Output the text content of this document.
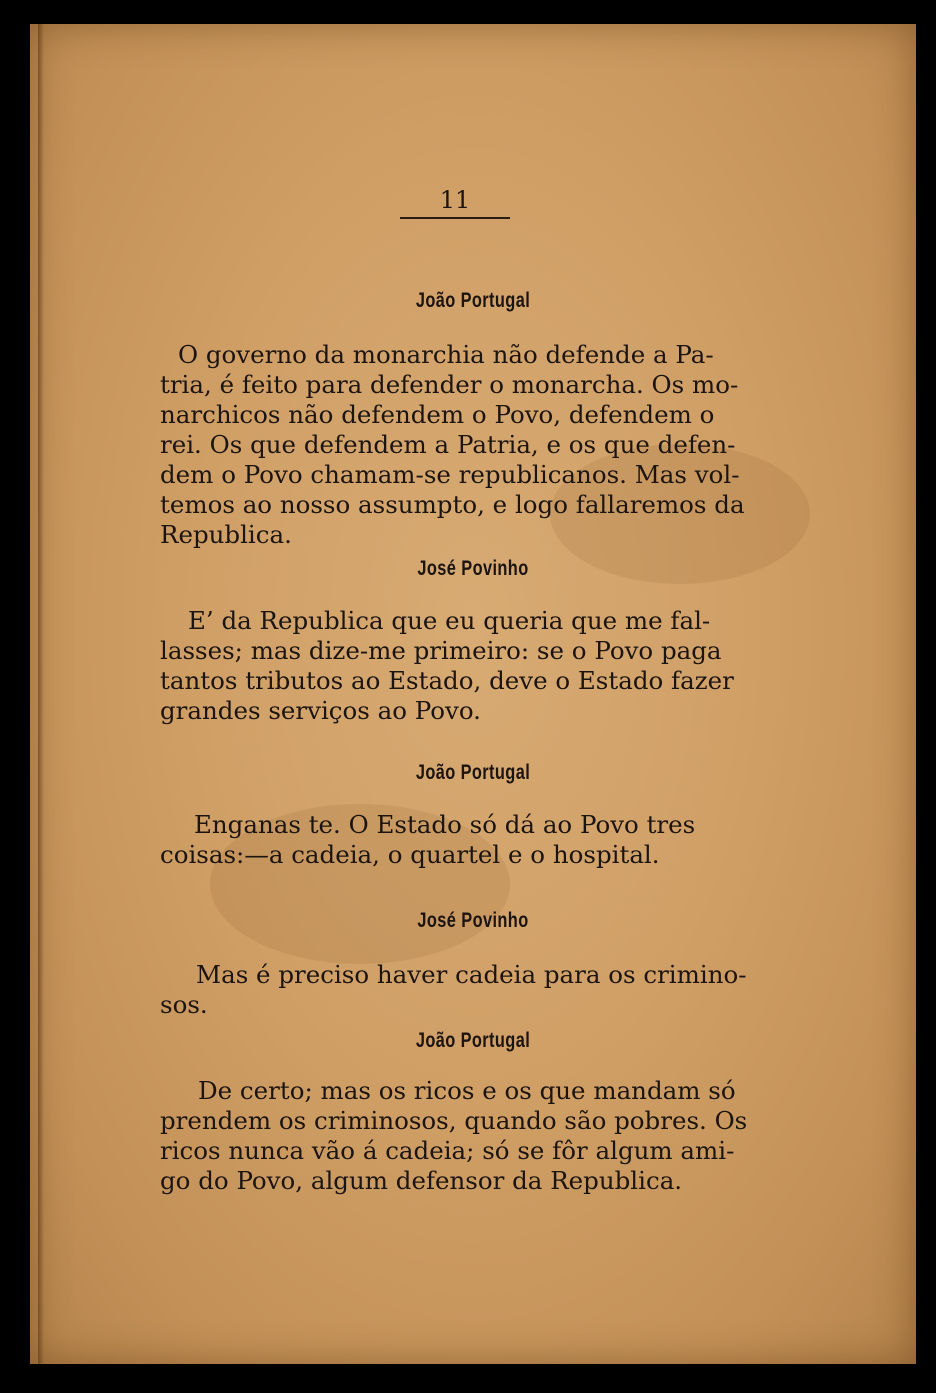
11
João Portugal
O governo da monarchia não defende a Pa-
tria, é feito para defender o monarcha. Os mo-
narchicos não defendem o Povo, defendem o
rei. Os que defendem a Patria, e os que defen-
dem o Povo chamam-se republicanos. Mas vol-
temos ao nosso assumpto, e logo fallaremos da
Republica.
José Povinho
E’ da Republica que eu queria que me fal-
lasses; mas dize-me primeiro: se o Povo paga
tantos tributos ao Estado, deve o Estado fazer
grandes serviços ao Povo.
João Portugal
Enganas te. O Estado só dá ao Povo tres
coisas:—a cadeia, o quartel e o hospital.
José Povinho
Mas é preciso haver cadeia para os crimino-
sos.
João Portugal
De certo; mas os ricos e os que mandam só
prendem os criminosos, quando são pobres. Os
ricos nunca vão á cadeia; só se fôr algum ami-
go do Povo, algum defensor da Republica.
